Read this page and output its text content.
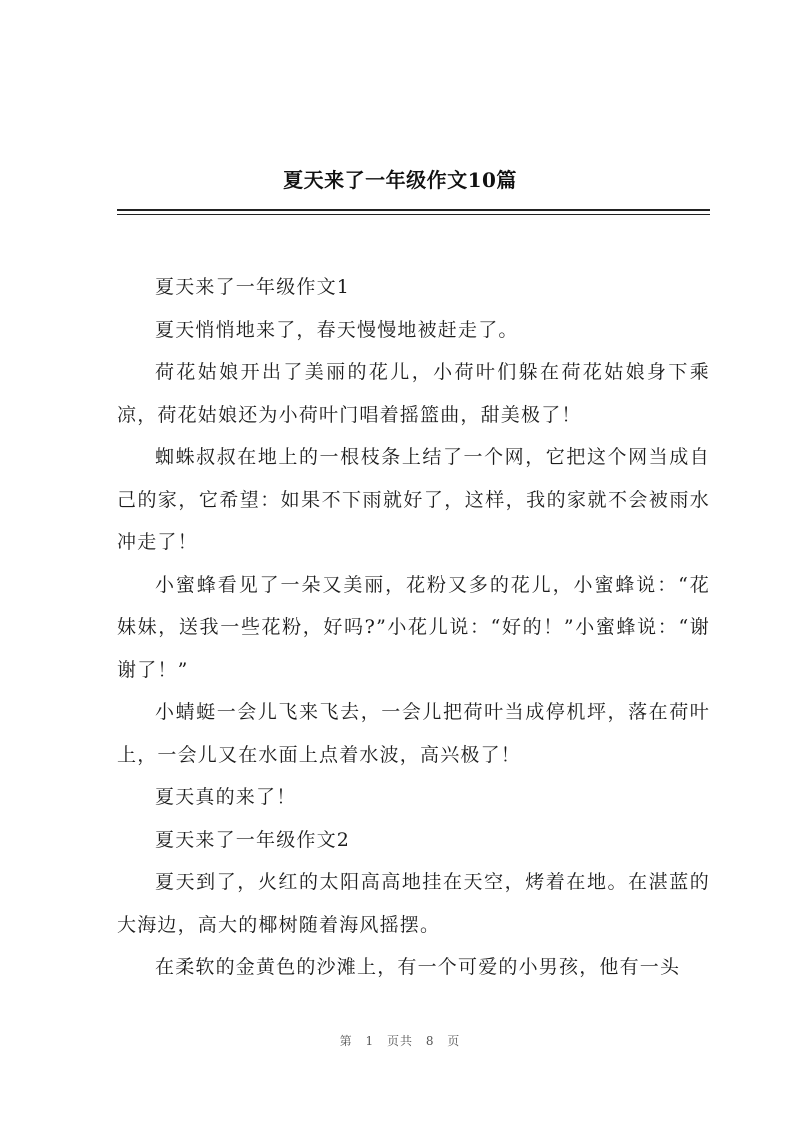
夏天来了一年级作文10篇

夏天来了一年级作文1

夏天悄悄地来了，春天慢慢地被赶走了。

荷花姑娘开出了美丽的花儿，小荷叶们躲在荷花姑娘身下乘凉，荷花姑娘还为小荷叶门唱着摇篮曲，甜美极了！

蜘蛛叔叔在地上的一根枝条上结了一个网，它把这个网当成自己的家，它希望：如果不下雨就好了，这样，我的家就不会被雨水冲走了！

小蜜蜂看见了一朵又美丽，花粉又多的花儿，小蜜蜂说：“花妹妹，送我一些花粉，好吗?”小花儿说：“好的！”小蜜蜂说：“谢谢了！”

小蜻蜓一会儿飞来飞去，一会儿把荷叶当成停机坪，落在荷叶上，一会儿又在水面上点着水波，高兴极了！

夏天真的来了！

夏天来了一年级作文2

夏天到了，火红的太阳高高地挂在天空，烤着在地。在湛蓝的大海边，高大的椰树随着海风摇摆。

在柔软的金黄色的沙滩上，有一个可爱的小男孩，他有一头

第 1 页共 8 页
